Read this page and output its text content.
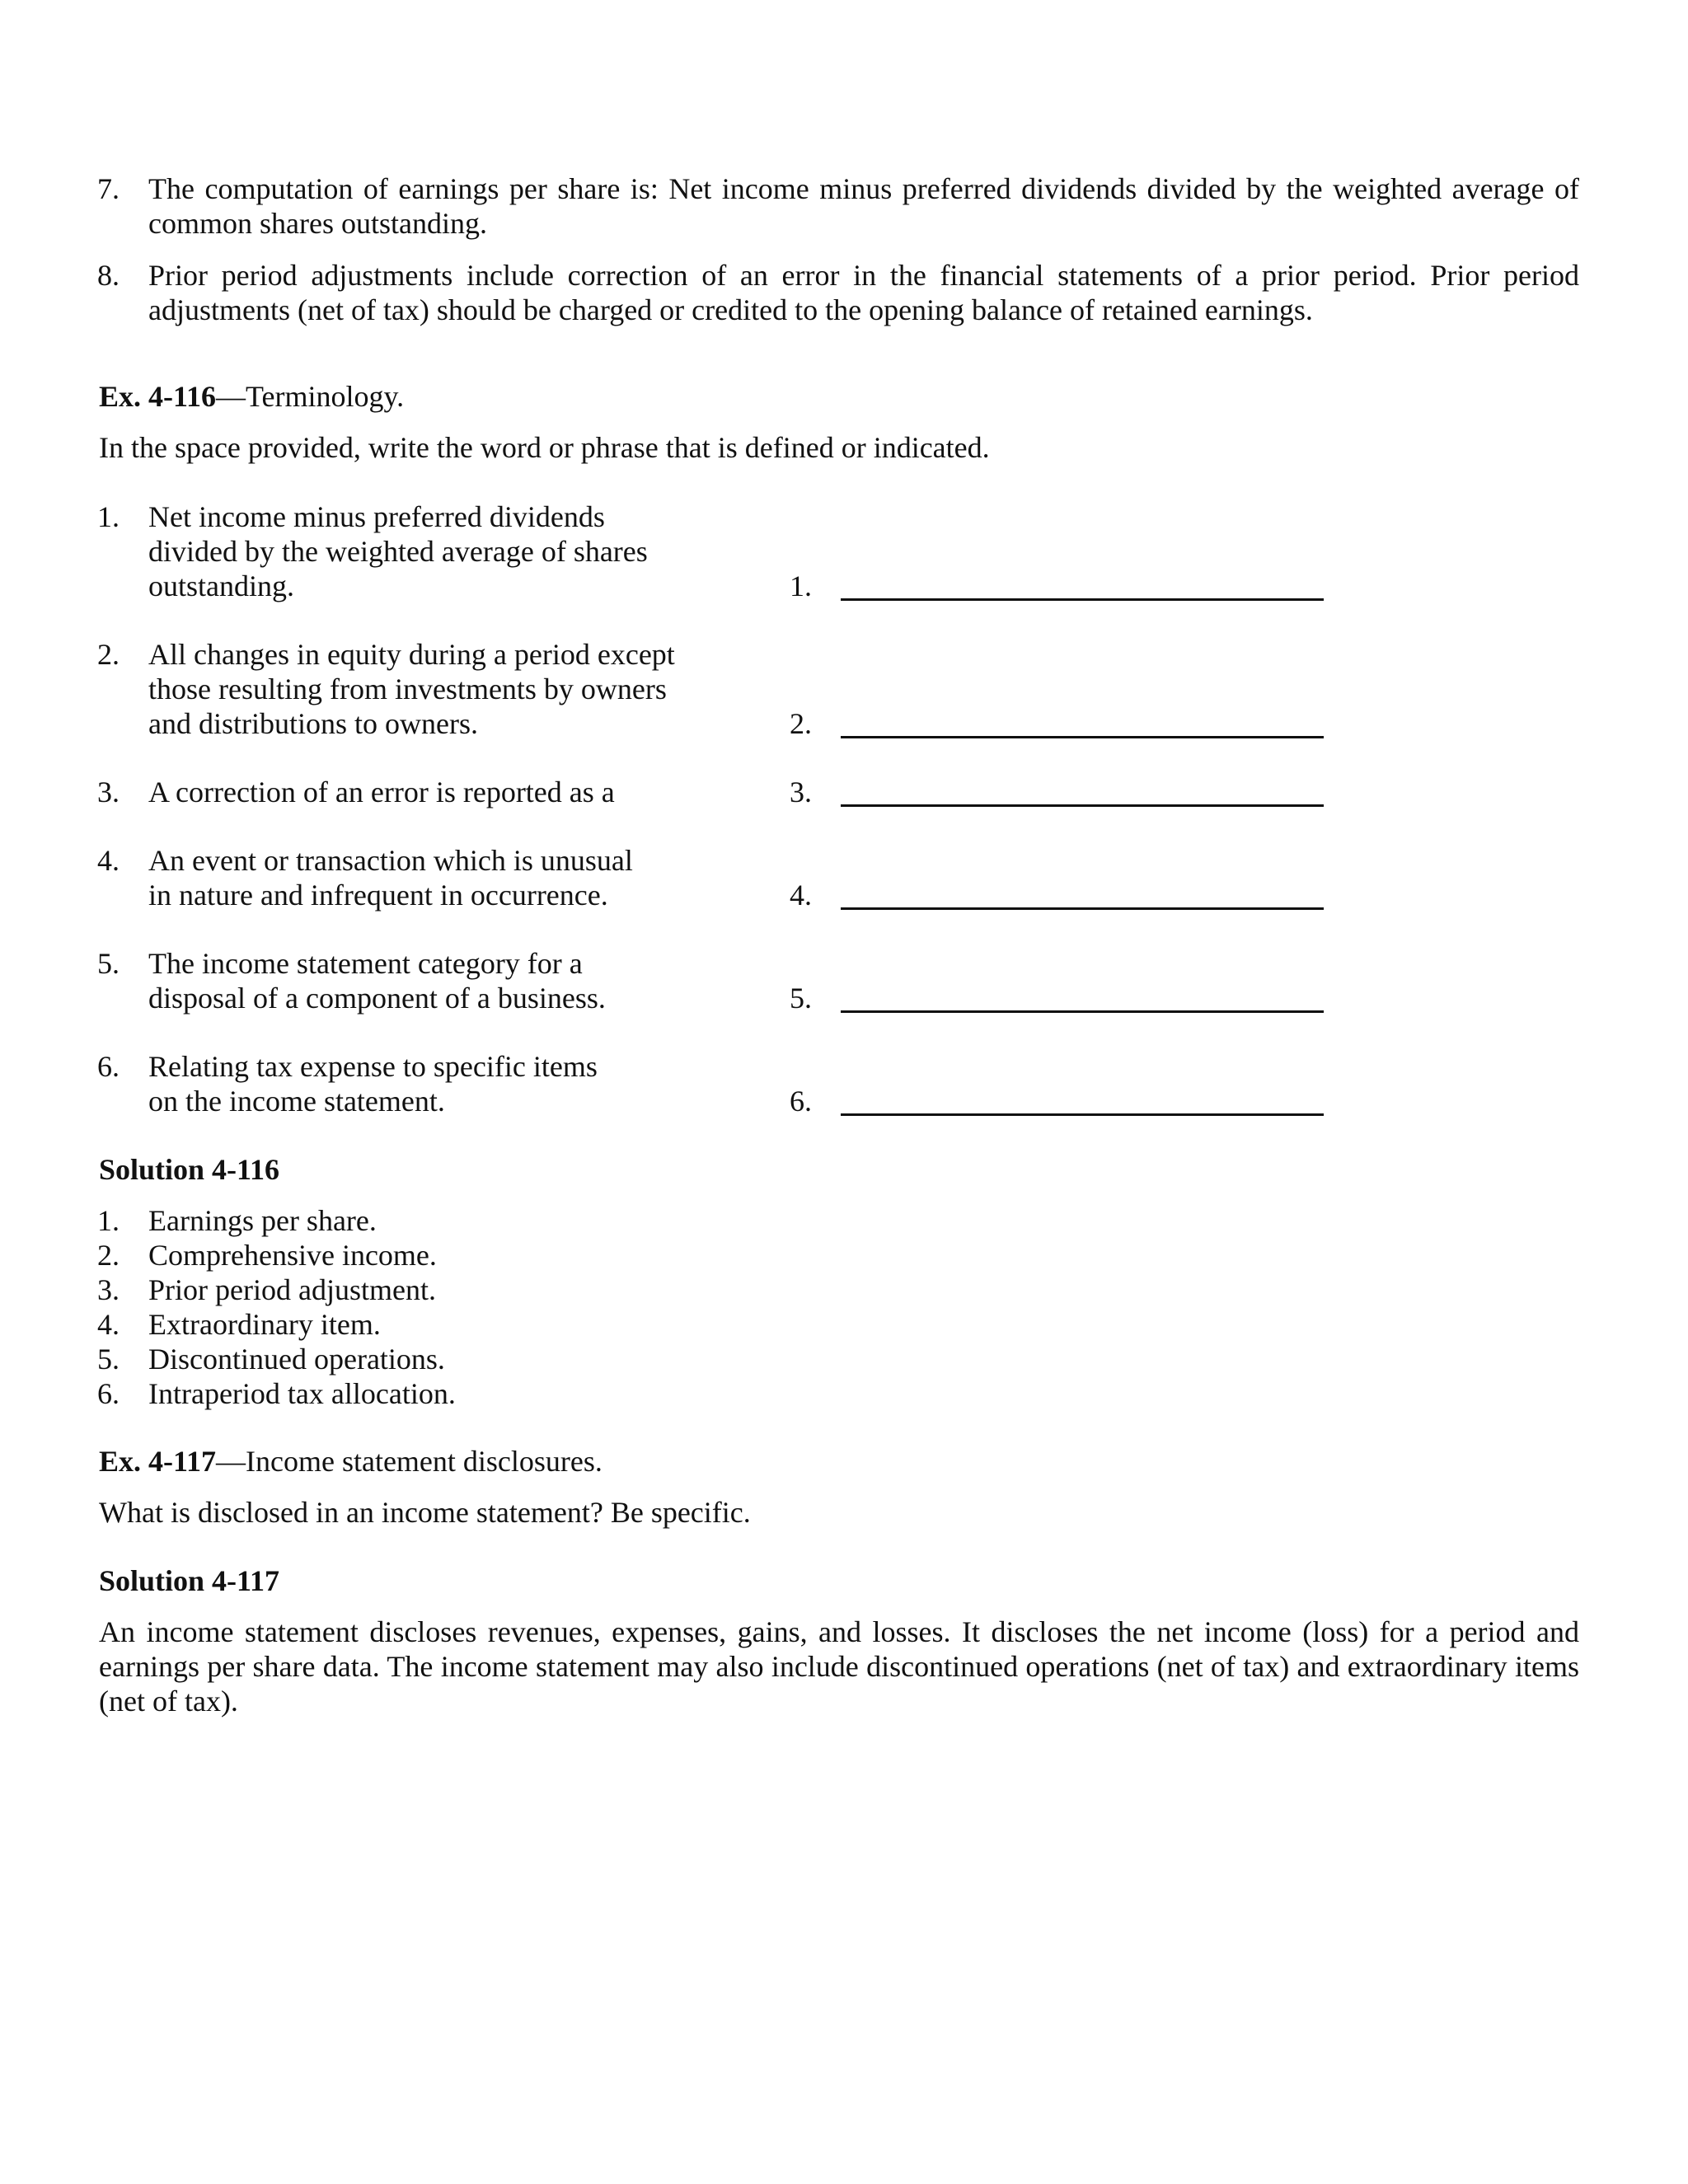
7. The computation of earnings per share is: Net income minus preferred dividends divided by the weighted average of common shares outstanding.
8. Prior period adjustments include correction of an error in the financial statements of a prior period. Prior period adjustments (net of tax) should be charged or credited to the opening balance of retained earnings.
Ex. 4-116—Terminology.
In the space provided, write the word or phrase that is defined or indicated.
1. Net income minus preferred dividends
divided by the weighted average of shares
outstanding.	1.
2. All changes in equity during a period except
those resulting from investments by owners
and distributions to owners.	2.
3. A correction of an error is reported as a	3.
4. An event or transaction which is unusual
in nature and infrequent in occurrence.	4.
5. The income statement category for a
disposal of a component of a business.	5.
6. Relating tax expense to specific items
on the income statement.	6.
Solution 4-116
1. Earnings per share.
2. Comprehensive income.
3. Prior period adjustment.
4. Extraordinary item.
5. Discontinued operations.
6. Intraperiod tax allocation.
Ex. 4-117—Income statement disclosures.
What is disclosed in an income statement? Be specific.
Solution 4-117
An income statement discloses revenues, expenses, gains, and losses. It discloses the net income (loss) for a period and earnings per share data. The income statement may also include discontinued operations (net of tax) and extraordinary items (net of tax).
